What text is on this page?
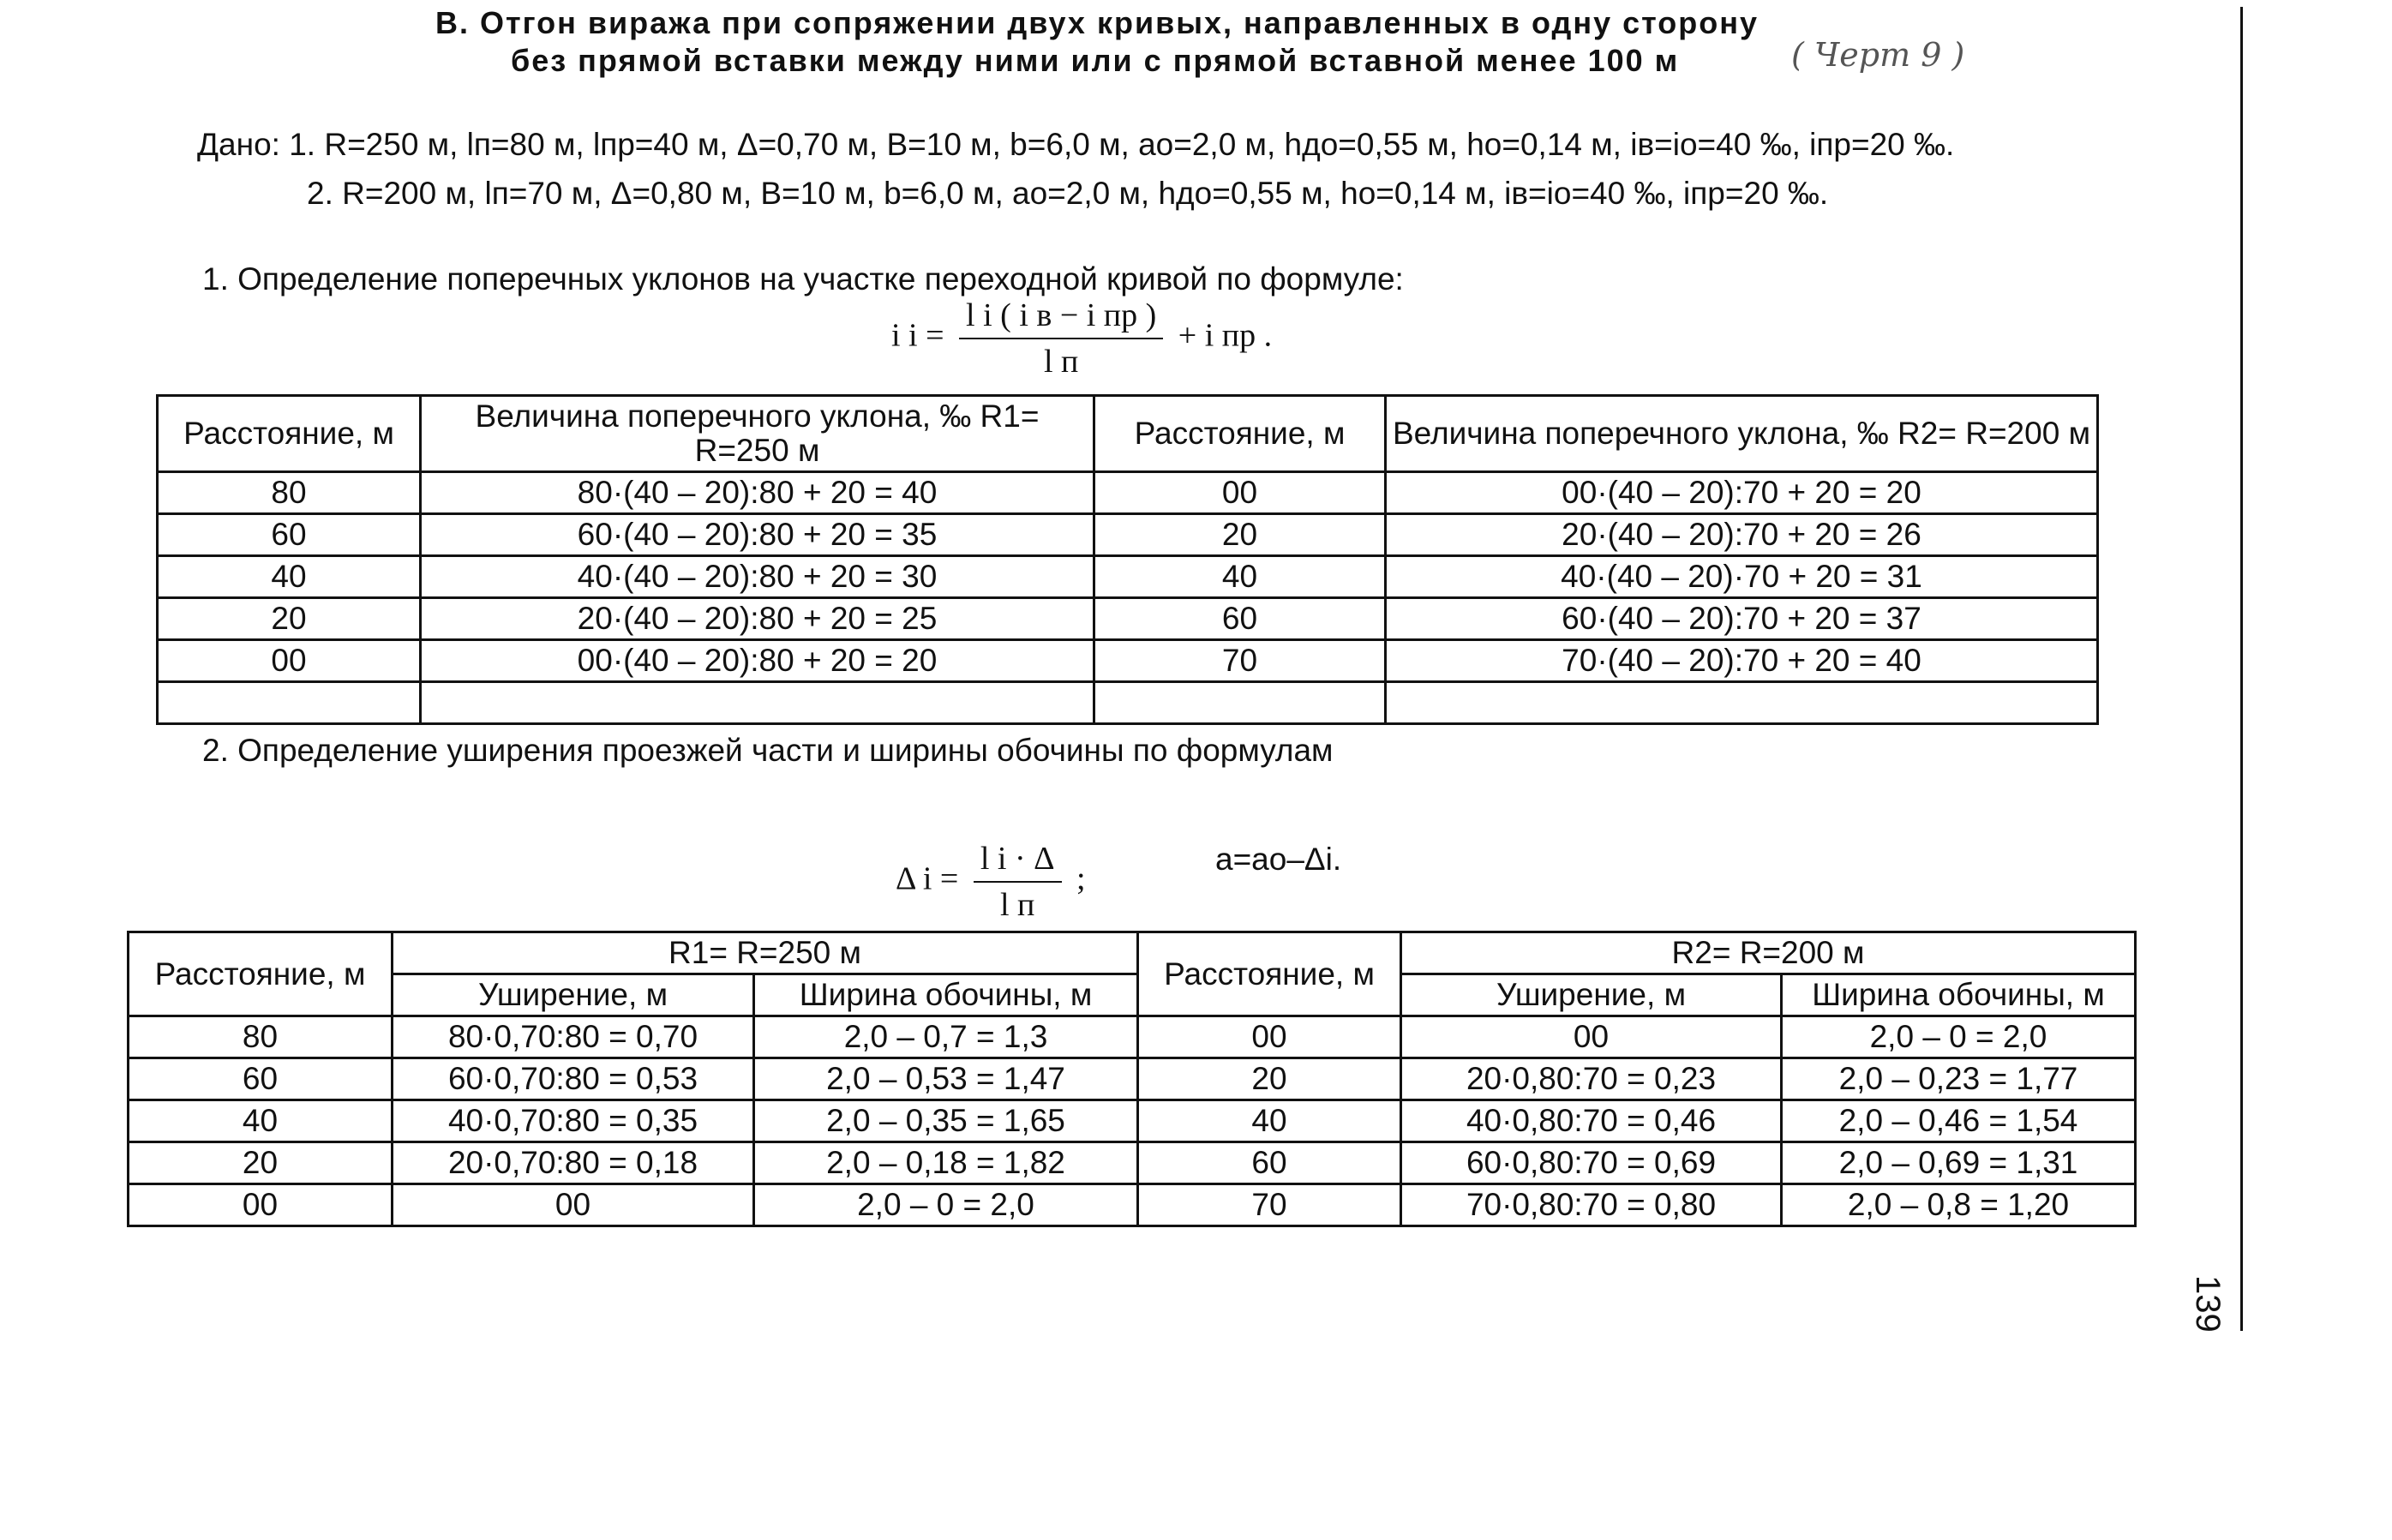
В. Отгон виража при сопряжении двух кривых, направленных в одну сторону
без прямой вставки между ними или с прямой вставной менее 100 м	( Черт 9 )
Дано: 1. R=250 м, lп=80 м, lпр=40 м, Δ=0,70 м, B=10 м, b=6,0 м, aо=2,0 м, hдо=0,55 м, hо=0,14 м, iв=iо=40 ‰, iпр=20 ‰.
2. R=200 м, lп=70 м, Δ=0,80 м, B=10 м, b=6,0 м, aо=2,0 м, hдо=0,55 м, hо=0,14 м, iв=iо=40 ‰, iпр=20 ‰.
1. Определение поперечных уклонов на участке переходной кривой по формуле:
i $i = \frac{\text{l i ( i в − i пр )}}{\text{l п}} + i$ пр .
Расстояние, м	Величина поперечного уклона, ‰ R1= R=250 м	Расстояние, м	Величина поперечного уклона, ‰ R2= R=200 м
80	80·(40 – 20):80 + 20 = 40	00	00·(40 – 20):70 + 20 = 20
60	60·(40 – 20):80 + 20 = 35	20	20·(40 – 20):70 + 20 = 26
40	40·(40 – 20):80 + 20 = 30	40	40·(40 – 20)·70 + 20 = 31
20	20·(40 – 20):80 + 20 = 25	60	60·(40 – 20):70 + 20 = 37
00	00·(40 – 20):80 + 20 = 20	70	70·(40 – 20):70 + 20 = 40

2. Определение уширения проезжей части и ширины обочины по формулам
Δ $i = \frac{\text{l i · Δ}}{\text{l п}}$ ;
a=aо–Δi.
Расстояние, м	R1= R=250 м		Расстояние, м	R2= R=200 м	
	Уширение, м	Ширина обочины, м		Уширение, м	Ширина обочины, м
80	80·0,70:80 = 0,70	2,0 – 0,7 = 1,3	00	00	2,0 – 0 = 2,0
60	60·0,70:80 = 0,53	2,0 – 0,53 = 1,47	20	20·0,80:70 = 0,23	2,0 – 0,23 = 1,77
40	40·0,70:80 = 0,35	2,0 – 0,35 = 1,65	40	40·0,80:70 = 0,46	2,0 – 0,46 = 1,54
20	20·0,70:80 = 0,18	2,0 – 0,18 = 1,82	60	60·0,80:70 = 0,69	2,0 – 0,69 = 1,31
00	00	2,0 – 0 = 2,0	70	70·0,80:70 = 0,80	2,0 – 0,8 = 1,20
139
